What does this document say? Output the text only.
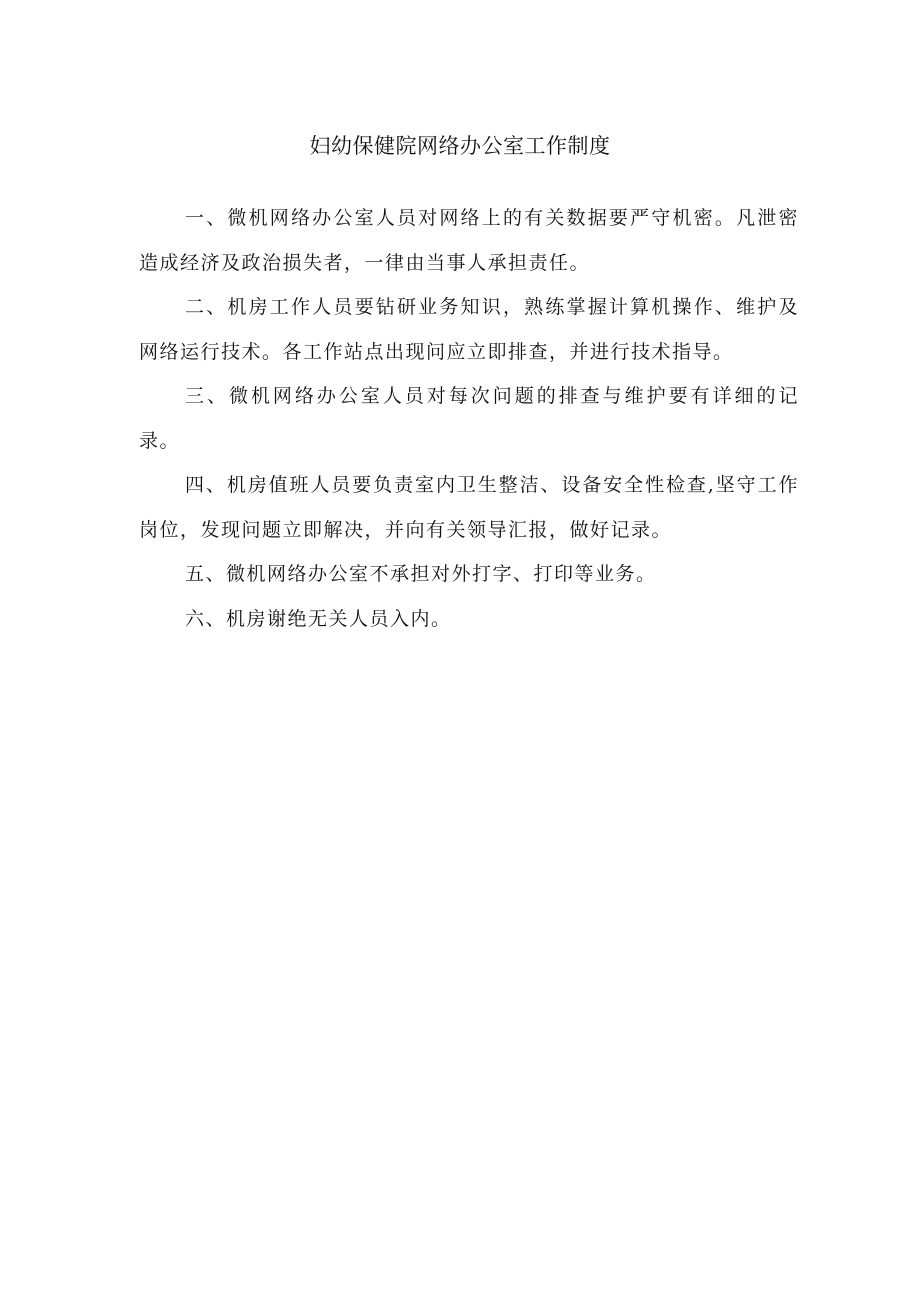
妇幼保健院网络办公室工作制度

一、微机网络办公室人员对网络上的有关数据要严守机密。凡泄密造成经济及政治损失者，一律由当事人承担责任。

二、机房工作人员要钻研业务知识，熟练掌握计算机操作、维护及网络运行技术。各工作站点出现问应立即排查，并进行技术指导。

三、微机网络办公室人员对每次问题的排查与维护要有详细的记录。

四、机房值班人员要负责室内卫生整洁、设备安全性检查,坚守工作岗位，发现问题立即解决，并向有关领导汇报，做好记录。

五、微机网络办公室不承担对外打字、打印等业务。

六、机房谢绝无关人员入内。
